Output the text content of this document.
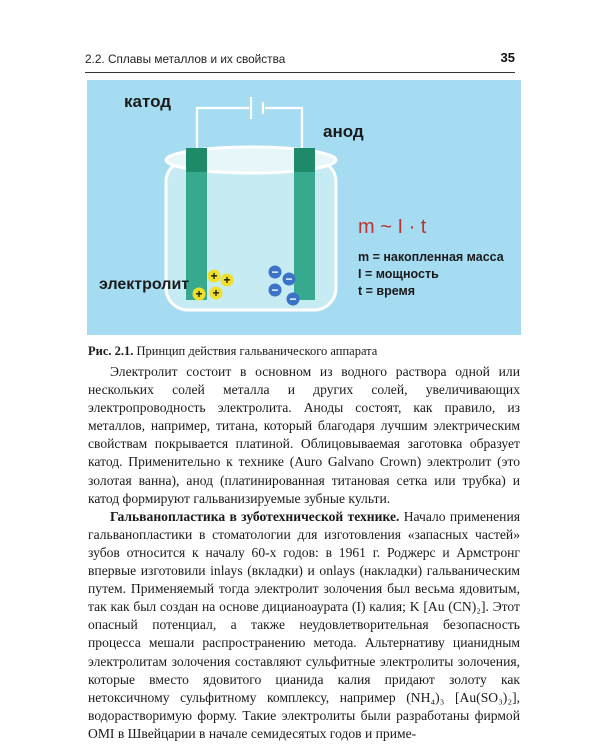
2.2. Сплавы металлов и их свойства	35
+ +
+ +
− −
−
−
катод
анод
электролит
m ~ I · t
m = накопленная масса
I = мощность
t = время
Рис. 2.1. Принцип действия гальванического аппарата

Электролит состоит в основном из водного раствора одной или нескольких солей металла и других солей, увеличивающих электропроводность электролита. Аноды состоят, как правило, из металлов, например, титана, который благодаря лучшим электрическим свойствам покрывается платиной. Облицовываемая заготовка образует катод. Применительно к технике (Auro Galvano Crown) электролит (это золотая ванна), анод (платинированная титановая сетка или трубка) и катод формируют гальванизируемые зубные культи.

Гальванопластика в зуботехнической технике. Начало применения гальванопластики в стоматологии для изготовления «запасных частей» зубов относится к началу 60-х годов: в 1961 г. Роджерс и Армстронг впервые изготовили inlays (вкладки) и onlays (накладки) гальваническим путем. Применяемый тогда электролит золочения был весьма ядовитым, так как был создан на основе дицианоаурата (I) калия; K [Au (CN)₂]. Этот опасный потенциал, а также неудовлетворительная безопасность процесса мешали распространению метода. Альтернативу цианидным электролитам золочения составляют сульфитные электролиты золочения, которые вместо ядовитого цианида калия придают золоту как нетоксичному сульфитному комплексу, например (NH₄)₃ [Au(SO₃)₂], водорастворимую форму. Такие электролиты были разработаны фирмой OMI в Швейцарии в начале семидесятых годов и приме-
